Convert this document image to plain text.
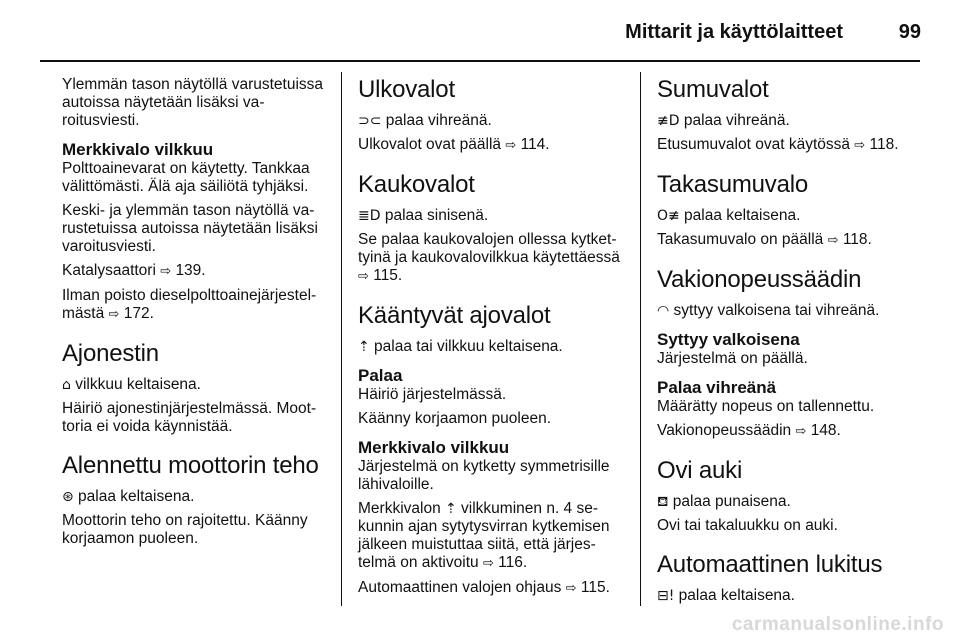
Mittarit ja käyttölaitteet	99

Ylemmän tason näytöllä varustetuissa autoissa näytetään lisäksi varoitusviesti.

Merkkivalo vilkkuu

Polttoainevarat on käytetty. Tankkaa välittömästi. Älä aja säiliötä tyhjäksi.

Keski- ja ylemmän tason näytöllä varustetuissa autoissa näytetään lisäksi varoitusviesti.

Katalysaattori ⇨ 139.

Ilman poisto dieselpolttoainejärjestelmästä ⇨ 172.

Ajonestin

⌂ vilkkuu keltaisena.

Häiriö ajonestinjärjestelmässä. Moottoria ei voida käynnistää.

Alennettu moottorin teho

⊛ palaa keltaisena.

Moottorin teho on rajoitettu. Käänny korjaamon puoleen.

Ulkovalot

⊃⊂ palaa vihreänä.

Ulkovalot ovat päällä ⇨ 114.

Kaukovalot

≣D palaa sinisenä.

Se palaa kaukovalojen ollessa kytkettyinä ja kaukovalovilkkua käytettäessä ⇨ 115.

Kääntyvät ajovalot

⇡ palaa tai vilkkuu keltaisena.

Palaa

Häiriö järjestelmässä.

Käänny korjaamon puoleen.

Merkkivalo vilkkuu

Järjestelmä on kytketty symmetrisille lähivaloille.

Merkkivalon ⇡ vilkkuminen n. 4 sekunnin ajan sytytysvirran kytkemisen jälkeen muistuttaa siitä, että järjestelmä on aktivoitu ⇨ 116.

Automaattinen valojen ohjaus ⇨ 115.

Sumuvalot

≢D palaa vihreänä.

Etusumuvalot ovat käytössä ⇨ 118.

Takasumuvalo

O≢ palaa keltaisena.

Takasumuvalo on päällä ⇨ 118.

Vakionopeussäädin

◠ syttyy valkoisena tai vihreänä.

Syttyy valkoisena

Järjestelmä on päällä.

Palaa vihreänä

Määrätty nopeus on tallennettu.

Vakionopeussäädin ⇨ 148.

Ovi auki

⛾ palaa punaisena.

Ovi tai takaluukku on auki.

Automaattinen lukitus

⊟! palaa keltaisena.

carmanualsonline.info
